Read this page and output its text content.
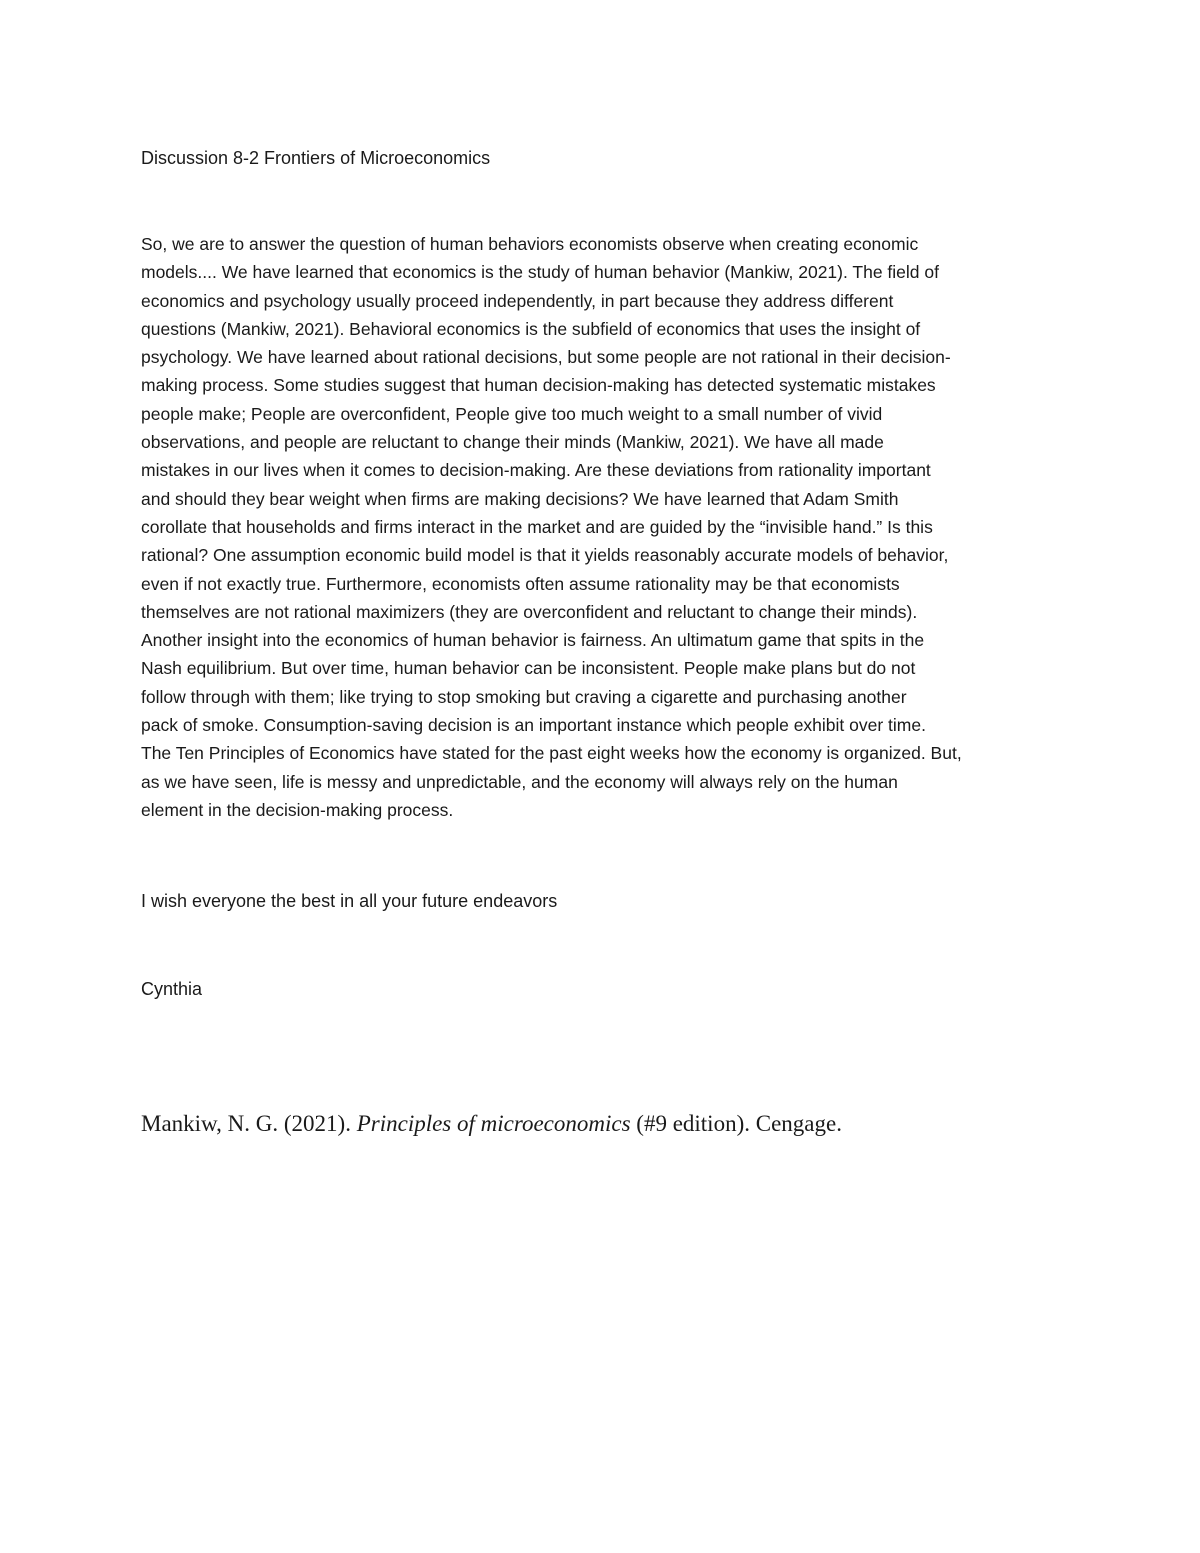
Discussion 8-2 Frontiers of Microeconomics
So, we are to answer the question of human behaviors economists observe when creating economic
models.... We have learned that economics is the study of human behavior (Mankiw, 2021). The field of
economics and psychology usually proceed independently, in part because they address different
questions (Mankiw, 2021). Behavioral economics is the subfield of economics that uses the insight of
psychology. We have learned about rational decisions, but some people are not rational in their decision-
making process. Some studies suggest that human decision-making has detected systematic mistakes
people make; People are overconfident, People give too much weight to a small number of vivid
observations, and people are reluctant to change their minds (Mankiw, 2021). We have all made
mistakes in our lives when it comes to decision-making. Are these deviations from rationality important
and should they bear weight when firms are making decisions? We have learned that Adam Smith
corollate that households and firms interact in the market and are guided by the “invisible hand.” Is this
rational? One assumption economic build model is that it yields reasonably accurate models of behavior,
even if not exactly true. Furthermore, economists often assume rationality may be that economists
themselves are not rational maximizers (they are overconfident and reluctant to change their minds).
Another insight into the economics of human behavior is fairness. An ultimatum game that spits in the
Nash equilibrium. But over time, human behavior can be inconsistent. People make plans but do not
follow through with them; like trying to stop smoking but craving a cigarette and purchasing another
pack of smoke. Consumption-saving decision is an important instance which people exhibit over time.
The Ten Principles of Economics have stated for the past eight weeks how the economy is organized. But,
as we have seen, life is messy and unpredictable, and the economy will always rely on the human
element in the decision-making process.

I wish everyone the best in all your future endeavors

Cynthia

Mankiw, N. G. (2021). Principles of microeconomics (#9 edition). Cengage.
